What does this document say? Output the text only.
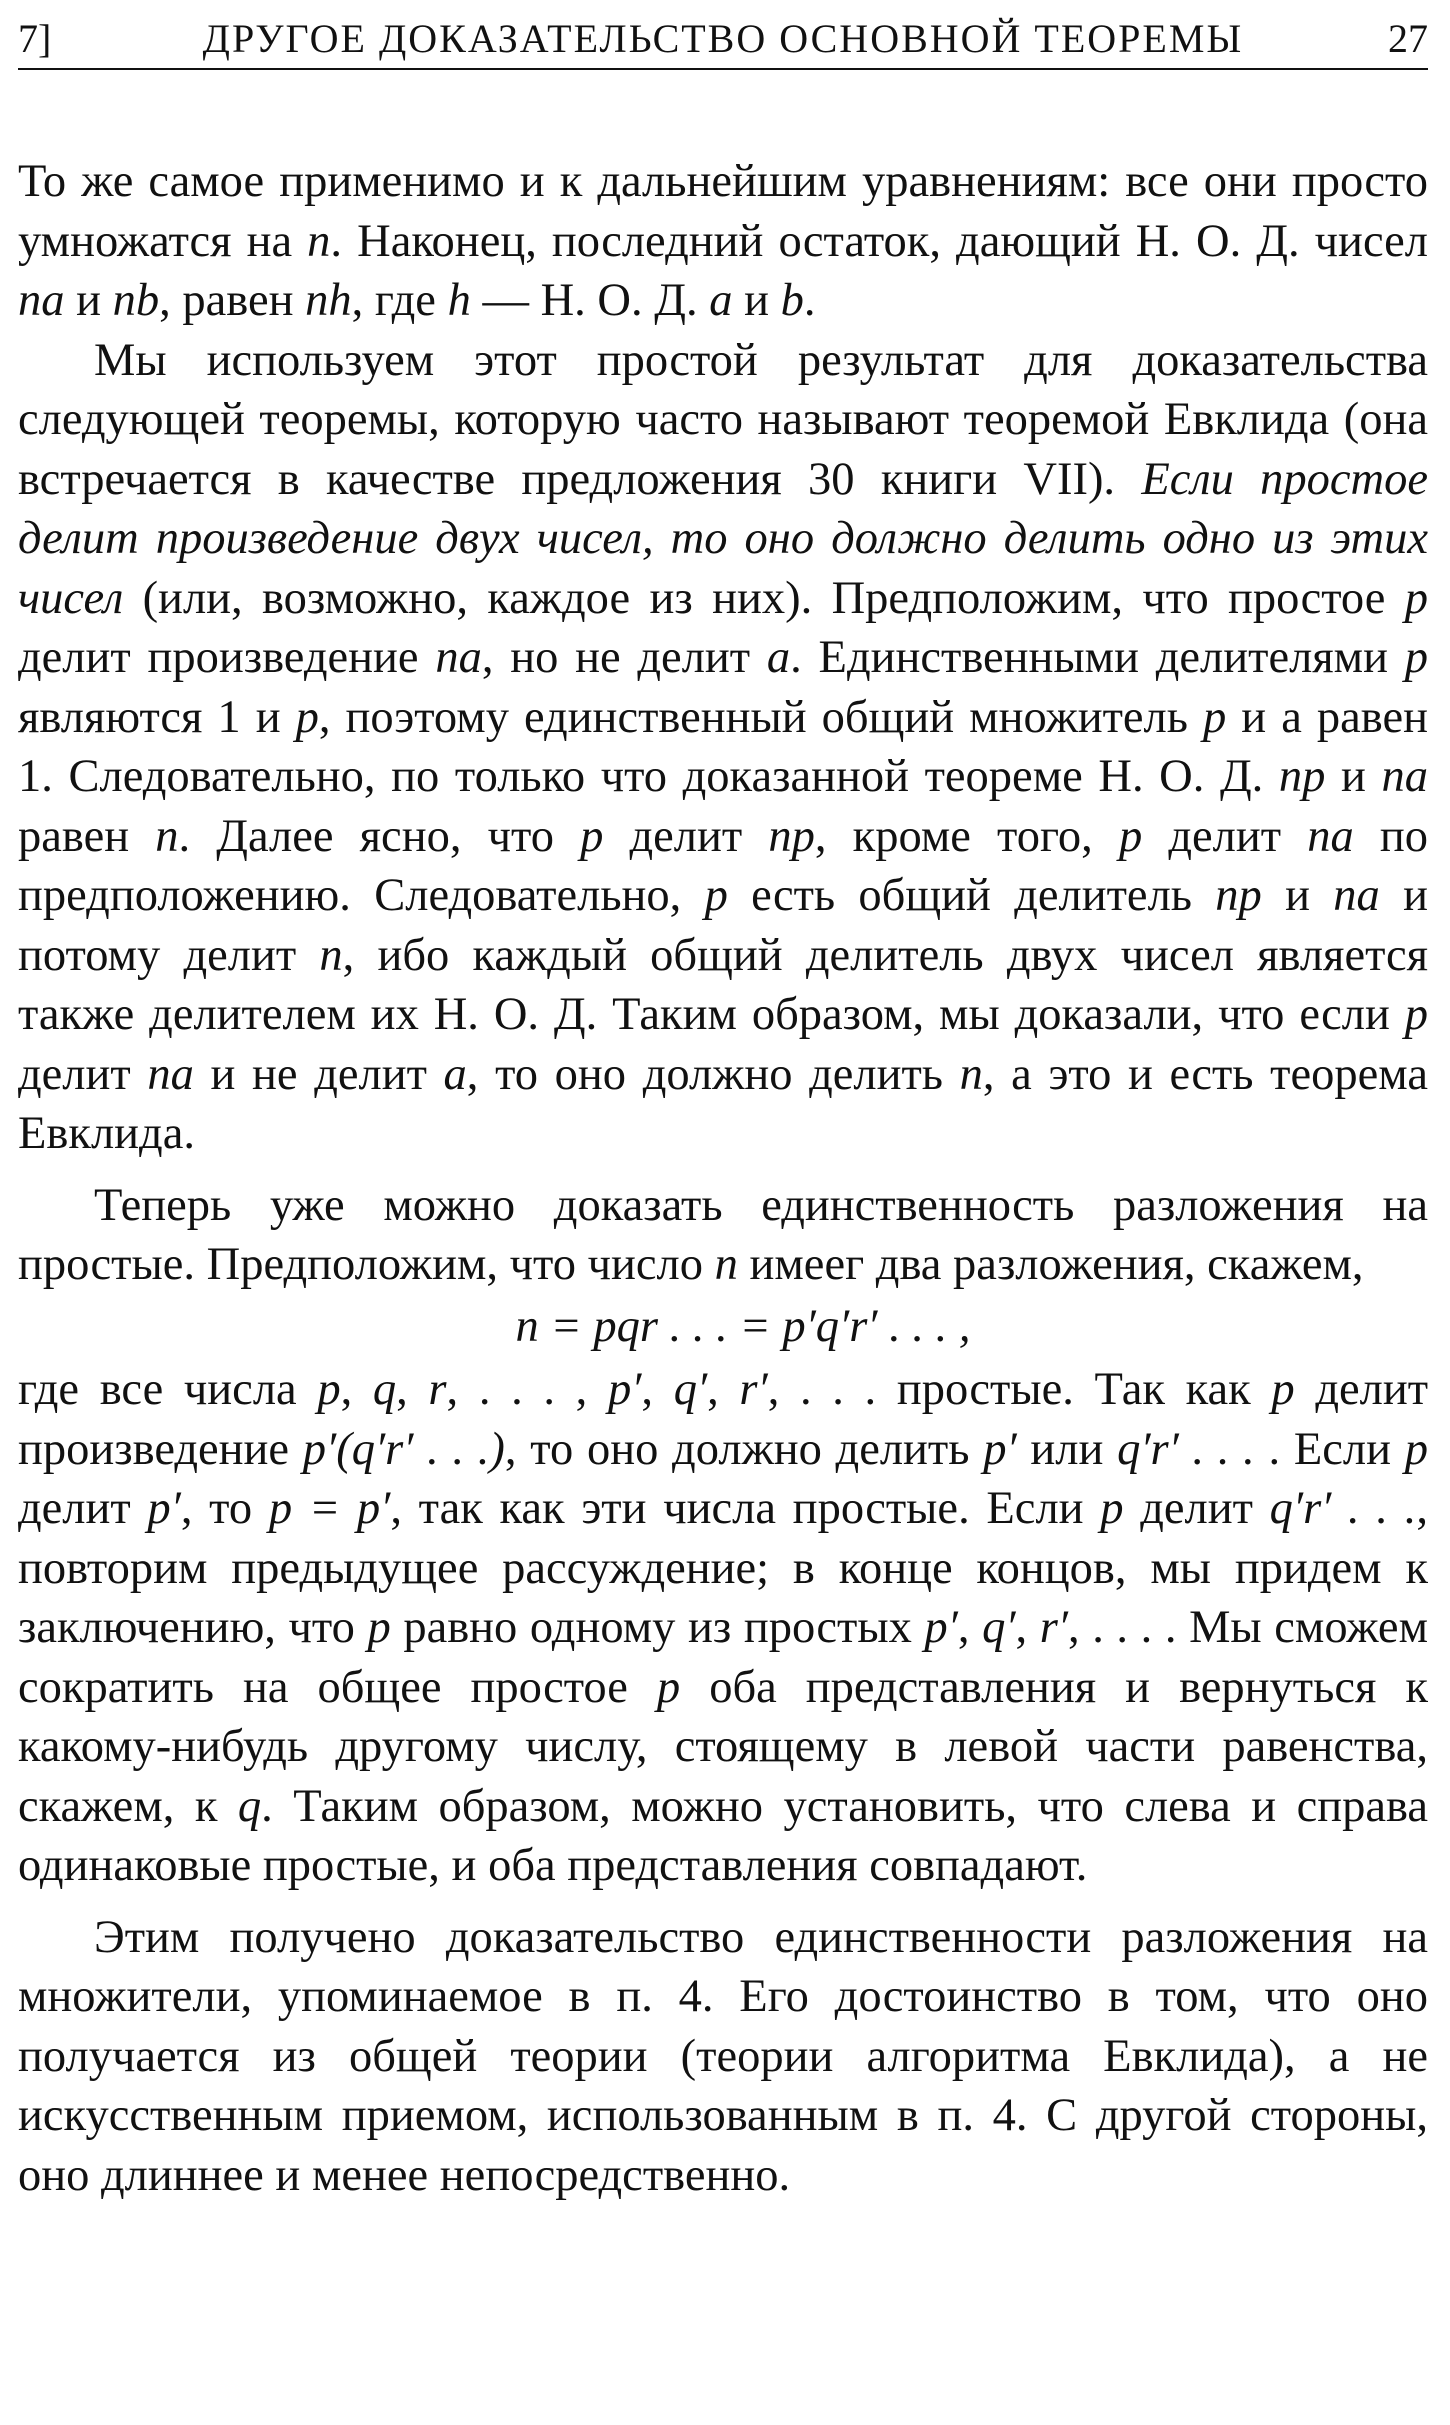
7]	ДРУГОЕ ДОКАЗАТЕЛЬСТВО ОСНОВНОЙ ТЕОРЕМЫ	27

То же самое применимо и к дальнейшим уравнениям: все они просто умножатся на n. Наконец, последний остаток, дающий Н. О. Д. чисел na и nb, равен nh, где h — Н. О. Д. a и b.

Мы используем этот простой результат для доказательства следующей теоремы, которую часто называют теоремой Евклида (она встречается в качестве предложения 30 книги VII). Если простое делит произведение двух чисел, то оно должно делить одно из этих чисел (или, возможно, каждое из них). Предположим, что простое p делит произведение na, но не делит a. Единственными делителями p являются 1 и p, поэтому единственный общий множитель p и а равен 1. Следовательно, по только что доказанной теореме Н. О. Д. np и na равен n. Далее ясно, что p делит np, кроме того, p делит na по предположению. Следовательно, p есть общий делитель np и na и потому делит n, ибо каждый общий делитель двух чисел является также делителем их Н. О. Д. Таким образом, мы доказали, что если p делит na и не делит a, то оно должно делить n, а это и есть теорема Евклида.

Теперь уже можно доказать единственность разложения на простые. Предположим, что число n имеег два разложения, скажем,

n = pqr . . . = p′q′r′ . . . ,

где все числа p, q, r, . . . , p′, q′, r′, . . . простые. Так как p делит произведение p′(q′r′ . . .), то оно должно делить p′ или q′r′ . . . . Если p делит p′, то p = p′, так как эти числа простые. Если p делит q′r′ . . ., повторим предыдущее рассуждение; в конце концов, мы придем к заключению, что p равно одному из простых p′, q′, r′, . . . . Мы сможем сократить на общее простое p оба представления и вернуться к какому-нибудь другому числу, стоящему в левой части равенства, скажем, к q. Таким образом, можно установить, что слева и справа одинаковые простые, и оба представления совпадают.

Этим получено доказательство единственности разложения на множители, упоминаемое в п. 4. Его достоинство в том, что оно получается из общей теории (теории алгоритма Евклида), а не искусственным приемом, использованным в п. 4. С другой стороны, оно длиннее и менее непосредственно.
